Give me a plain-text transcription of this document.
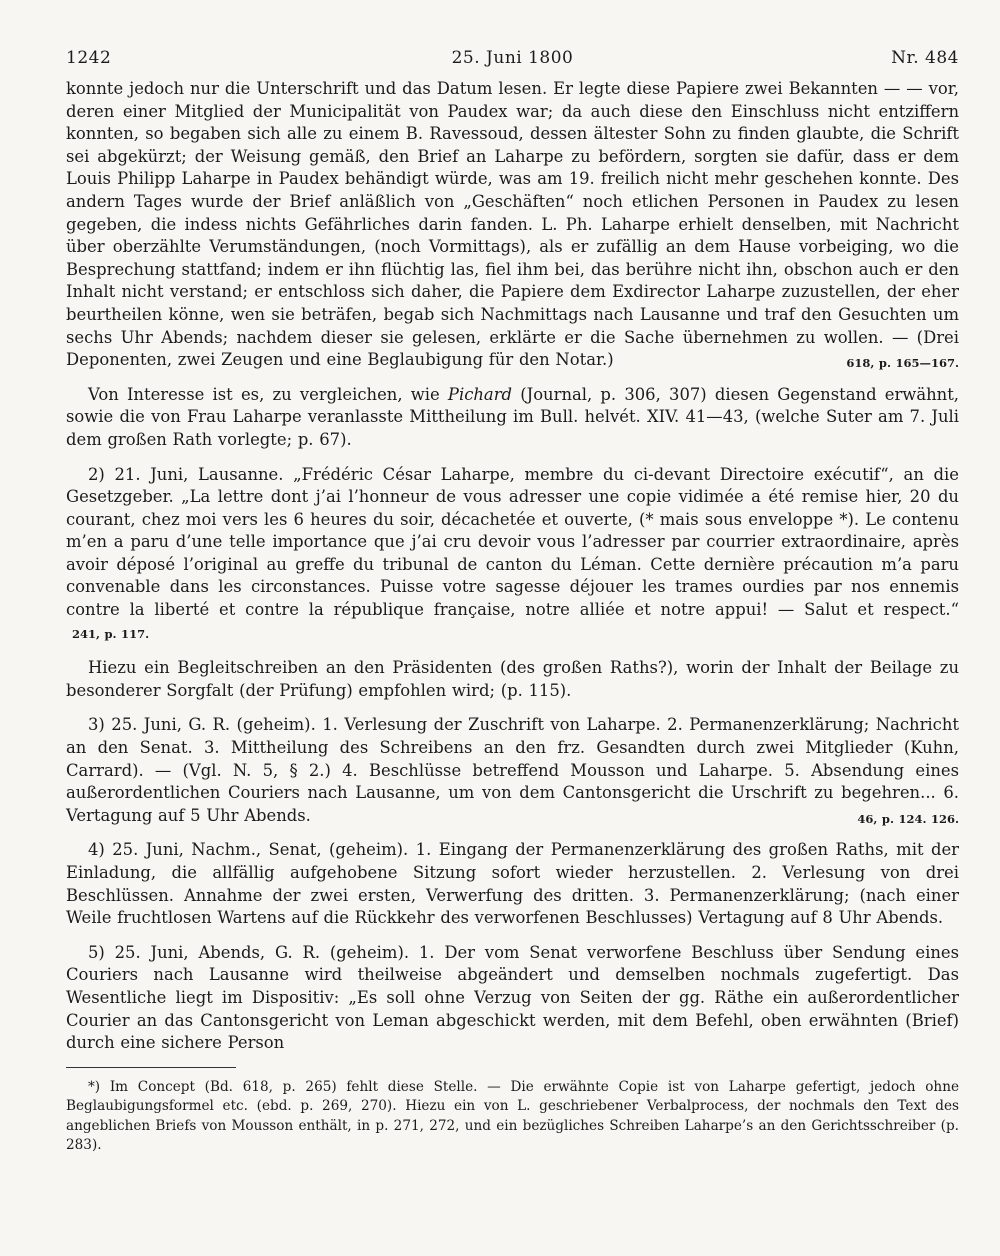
1242	25. Juni 1800	Nr. 484

konnte jedoch nur die Unterschrift und das Datum lesen. Er legte diese Papiere zwei Bekannten — — vor, deren einer Mitglied der Municipalität von Paudex war; da auch diese den Einschluss nicht entziffern konnten, so begaben sich alle zu einem B. Ravessoud, dessen ältester Sohn zu finden glaubte, die Schrift sei abgekürzt; der Weisung gemäß, den Brief an Laharpe zu befördern, sorgten sie dafür, dass er dem Louis Philipp Laharpe in Paudex behändigt würde, was am 19. freilich nicht mehr geschehen konnte. Des andern Tages wurde der Brief anläßlich von „Geschäften“ noch etlichen Personen in Paudex zu lesen gegeben, die indess nichts Gefährliches darin fanden. L. Ph. Laharpe erhielt denselben, mit Nachricht über oberzählte Verumständungen, (noch Vormittags), als er zufällig an dem Hause vorbeiging, wo die Besprechung stattfand; indem er ihn flüchtig las, fiel ihm bei, das berühre nicht ihn, obschon auch er den Inhalt nicht verstand; er entschloss sich daher, die Papiere dem Exdirector Laharpe zuzustellen, der eher beurtheilen könne, wen sie beträfen, begab sich Nachmittags nach Lausanne und traf den Gesuchten um sechs Uhr Abends; nachdem dieser sie gelesen, erklärte er die Sache übernehmen zu wollen. — (Drei Deponenten, zwei Zeugen und eine Beglaubigung für den Notar.)	618, p. 165—167.

Von Interesse ist es, zu vergleichen, wie Pichard (Journal, p. 306, 307) diesen Gegenstand erwähnt, sowie die von Frau Laharpe veranlasste Mittheilung im Bull. helvét. XIV. 41—43, (welche Suter am 7. Juli dem großen Rath vorlegte; p. 67).

2) 21. Juni, Lausanne. „Frédéric César Laharpe, membre du ci-devant Directoire exécutif“, an die Gesetzgeber. „La lettre dont j’ai l’honneur de vous adresser une copie vidimée a été remise hier, 20 du courant, chez moi vers les 6 heures du soir, décachetée et ouverte, (* mais sous enveloppe *). Le contenu m’en a paru d’une telle importance que j’ai cru devoir vous l’adresser par courrier extraordinaire, après avoir déposé l’original au greffe du tribunal de canton du Léman. Cette dernière précaution m’a paru convenable dans les circonstances. Puisse votre sagesse déjouer les trames ourdies par nos ennemis contre la liberté et contre la république française, notre alliée et notre appui! — Salut et respect.“ 241, p. 117.

Hiezu ein Begleitschreiben an den Präsidenten (des großen Raths?), worin der Inhalt der Beilage zu besonderer Sorgfalt (der Prüfung) empfohlen wird; (p. 115).

3) 25. Juni, G. R. (geheim). 1. Verlesung der Zuschrift von Laharpe. 2. Permanenzerklärung; Nachricht an den Senat. 3. Mittheilung des Schreibens an den frz. Gesandten durch zwei Mitglieder (Kuhn, Carrard). — (Vgl. N. 5, § 2.) 4. Beschlüsse betreffend Mousson und Laharpe. 5. Absendung eines außerordentlichen Couriers nach Lausanne, um von dem Cantonsgericht die Urschrift zu begehren... 6. Vertagung auf 5 Uhr Abends.	46, p. 124. 126.

4) 25. Juni, Nachm., Senat, (geheim). 1. Eingang der Permanenzerklärung des großen Raths, mit der Einladung, die allfällig aufgehobene Sitzung sofort wieder herzustellen. 2. Verlesung von drei Beschlüssen. Annahme der zwei ersten, Verwerfung des dritten. 3. Permanenzerklärung; (nach einer Weile fruchtlosen Wartens auf die Rückkehr des verworfenen Beschlusses) Vertagung auf 8 Uhr Abends.

5) 25. Juni, Abends, G. R. (geheim). 1. Der vom Senat verworfene Beschluss über Sendung eines Couriers nach Lausanne wird theilweise abgeändert und demselben nochmals zugefertigt. Das Wesentliche liegt im Dispositiv: „Es soll ohne Verzug von Seiten der gg. Räthe ein außerordentlicher Courier an das Cantonsgericht von Leman abgeschickt werden, mit dem Befehl, oben erwähnten (Brief) durch eine sichere Person

*) Im Concept (Bd. 618, p. 265) fehlt diese Stelle. — Die erwähnte Copie ist von Laharpe gefertigt, jedoch ohne Beglaubigungsformel etc. (ebd. p. 269, 270). Hiezu ein von L. geschriebener Verbalprocess, der nochmals den Text des angeblichen Briefs von Mousson enthält, in p. 271, 272, und ein bezügliches Schreiben Laharpe’s an den Gerichtsschreiber (p. 283).
